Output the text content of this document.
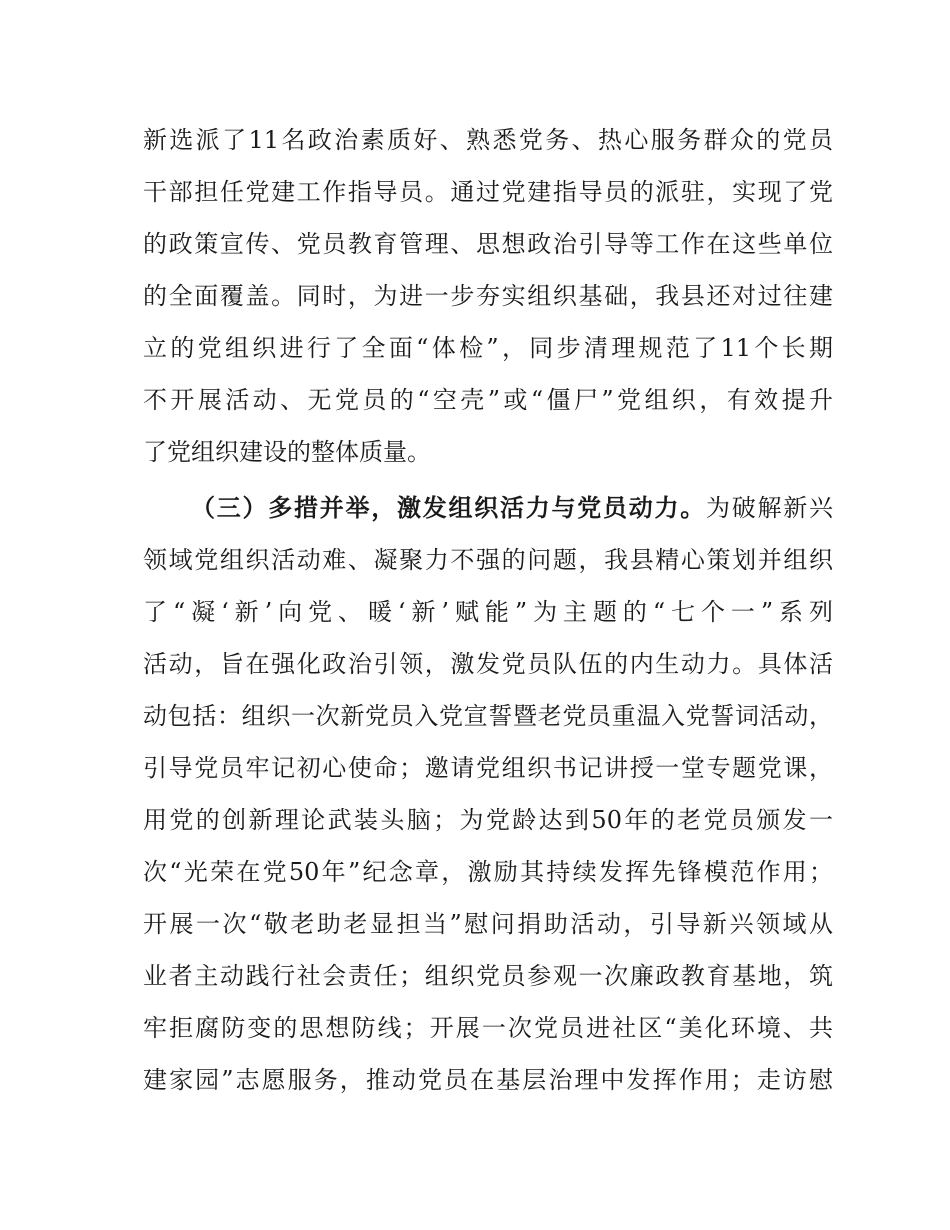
新选派了11名政治素质好、熟悉党务、热心服务群众的党员
干部担任党建工作指导员。通过党建指导员的派驻，实现了党
的政策宣传、党员教育管理、思想政治引导等工作在这些单位
的全面覆盖。同时，为进一步夯实组织基础，我县还对过往建
立的党组织进行了全面“体检”，同步清理规范了11个长期
不开展活动、无党员的“空壳”或“僵尸”党组织，有效提升
了党组织建设的整体质量。
（三）多措并举，激发组织活力与党员动力。为破解新兴
领域党组织活动难、凝聚力不强的问题，我县精心策划并组织
了“凝‘新’向党、暖‘新’赋能”为主题的“七个一”系列
活动，旨在强化政治引领，激发党员队伍的内生动力。具体活
动包括：组织一次新党员入党宣誓暨老党员重温入党誓词活动，
引导党员牢记初心使命；邀请党组织书记讲授一堂专题党课，
用党的创新理论武装头脑；为党龄达到50年的老党员颁发一
次“光荣在党50年”纪念章，激励其持续发挥先锋模范作用；
开展一次“敬老助老显担当”慰问捐助活动，引导新兴领域从
业者主动践行社会责任；组织党员参观一次廉政教育基地，筑
牢拒腐防变的思想防线；开展一次党员进社区“美化环境、共
建家园”志愿服务，推动党员在基层治理中发挥作用；走访慰
